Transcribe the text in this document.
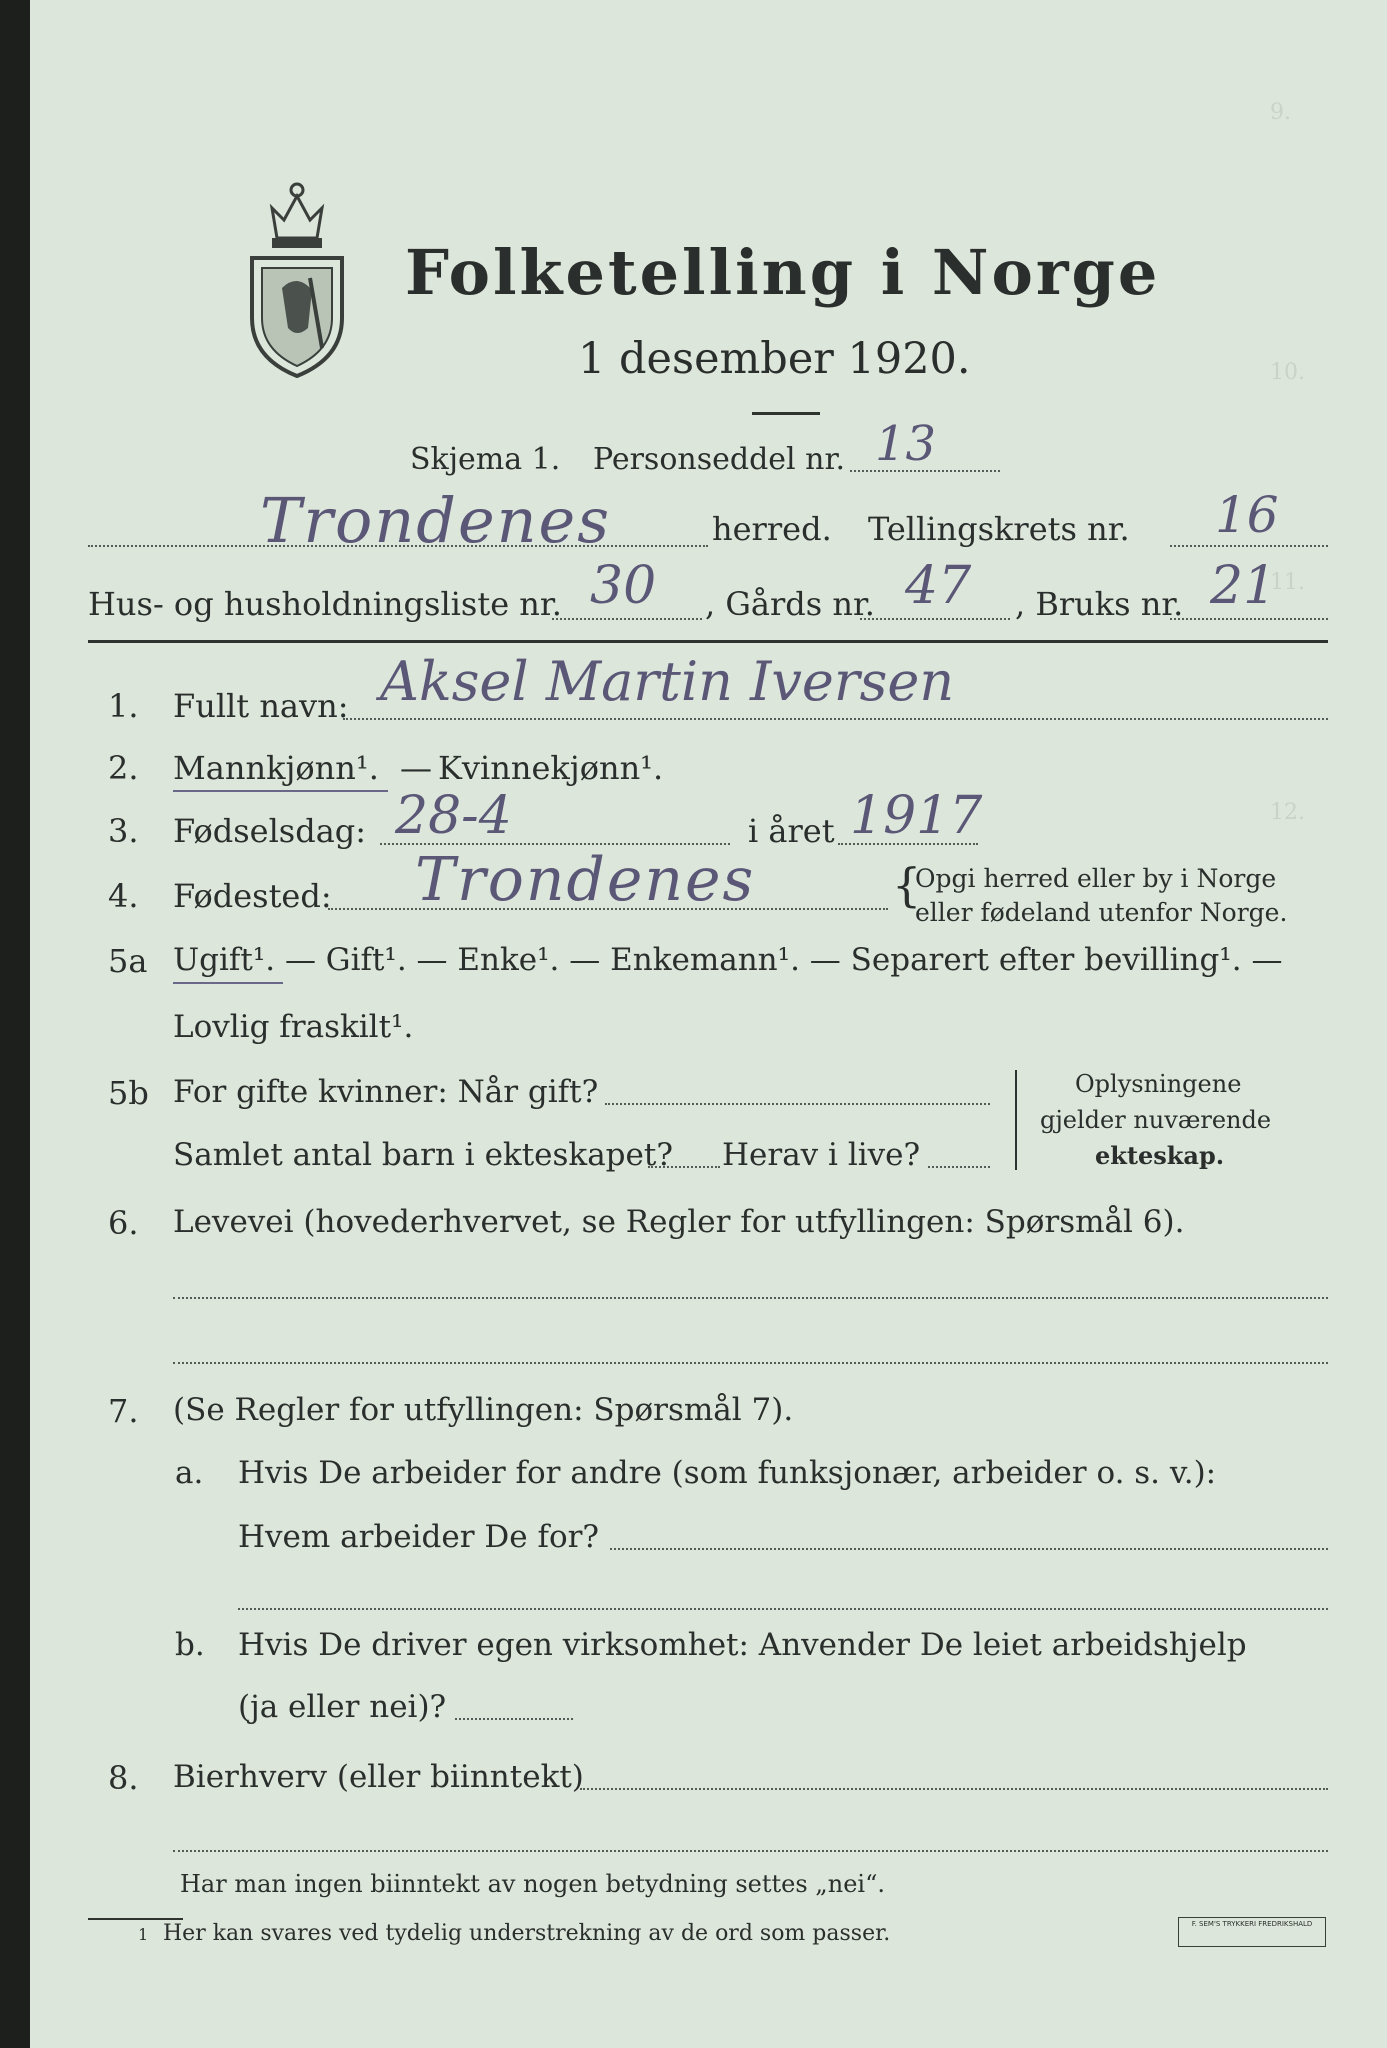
9.
10.
11.
12.
Folketelling i Norge
1 desember 1920.
Skjema 1. Personseddel nr. 13
Trondenes	herred. Tellingskrets nr. 16
Hus- og husholdningsliste nr. 30 , Gårds nr. 47 , Bruks nr. 21
1. Fullt navn: Aksel Martin Iversen
2. Mannkjønn¹. — Kvinnekjønn¹.
3. Fødselsdag: 28-4	i året 1917
4. Fødested: Trondenes	{
Opgi herred eller by i Norge
eller fødeland utenfor Norge.
5a Ugift¹. — Gift¹. — Enke¹. — Enkemann¹. — Separert efter bevilling¹. —
Lovlig fraskilt¹.
5b For gifte kvinner: Når gift?
Samlet antal barn i ekteskapet? Herav i live?
Oplysningene
gjelder nuværende
ekteskap.
6. Levevei (hovederhvervet, se Regler for utfyllingen: Spørsmål 6).
7. (Se Regler for utfyllingen: Spørsmål 7).
a. Hvis De arbeider for andre (som funksjonær, arbeider o. s. v.):
Hvem arbeider De for?
b. Hvis De driver egen virksomhet: Anvender De leiet arbeidshjelp
(ja eller nei)?
8. Bierhverv (eller biinntekt)
Har man ingen biinntekt av nogen betydning settes „nei“.
1 Her kan svares ved tydelig understrekning av de ord som passer.	F. SEM'S TRYKKERI FREDRIKSHALD
